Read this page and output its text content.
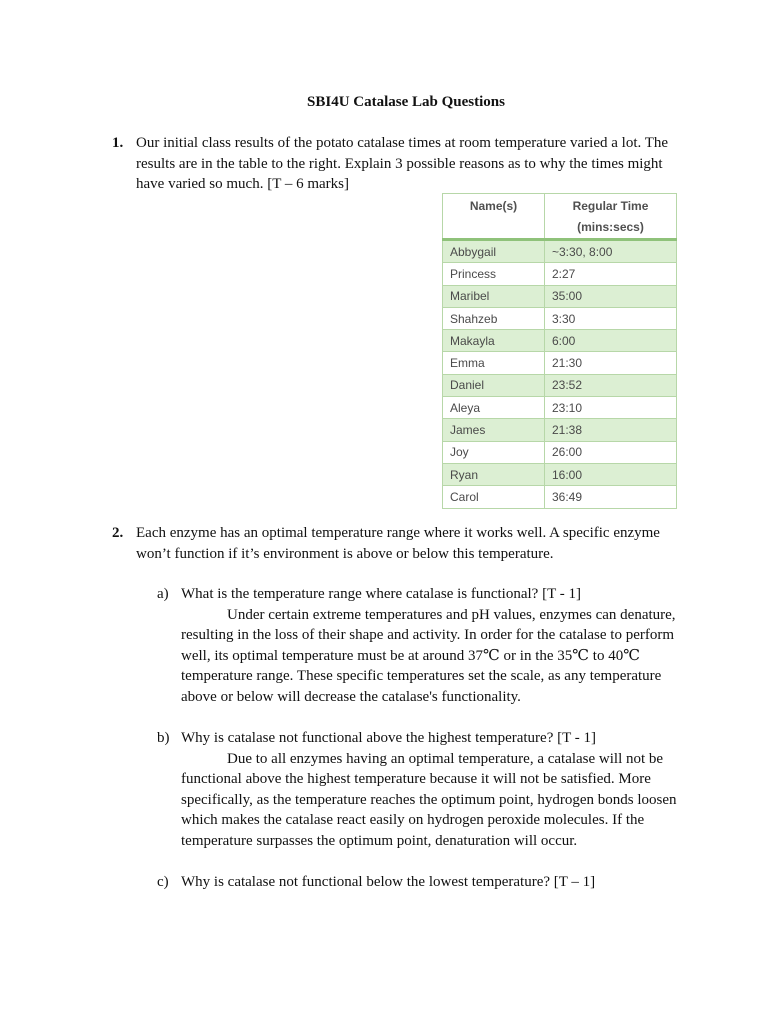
SBI4U Catalase Lab Questions
1. Our initial class results of the potato catalase times at room temperature varied a lot. The results are in the table to the right. Explain 3 possible reasons as to why the times might have varied so much. [T – 6 marks]
Name(s)	Regular Time (mins:secs)
Abbygail	~3:30, 8:00
Princess	2:27
Maribel	35:00
Shahzeb	3:30
Makayla	6:00
Emma	21:30
Daniel	23:52
Aleya	23:10
James	21:38
Joy	26:00
Ryan	16:00
Carol	36:49
2. Each enzyme has an optimal temperature range where it works well. A specific enzyme won’t function if it’s environment is above or below this temperature.
a) What is the temperature range where catalase is functional? [T - 1]
Under certain extreme temperatures and pH values, enzymes can denature, resulting in the loss of their shape and activity. In order for the catalase to perform well, its optimal temperature must be at around 37℃ or in the 35℃ to 40℃ temperature range. These specific temperatures set the scale, as any temperature above or below will decrease the catalase's functionality.
b) Why is catalase not functional above the highest temperature? [T - 1]
Due to all enzymes having an optimal temperature, a catalase will not be functional above the highest temperature because it will not be satisfied. More specifically, as the temperature reaches the optimum point, hydrogen bonds loosen which makes the catalase react easily on hydrogen peroxide molecules. If the temperature surpasses the optimum point, denaturation will occur.
c) Why is catalase not functional below the lowest temperature? [T – 1]
